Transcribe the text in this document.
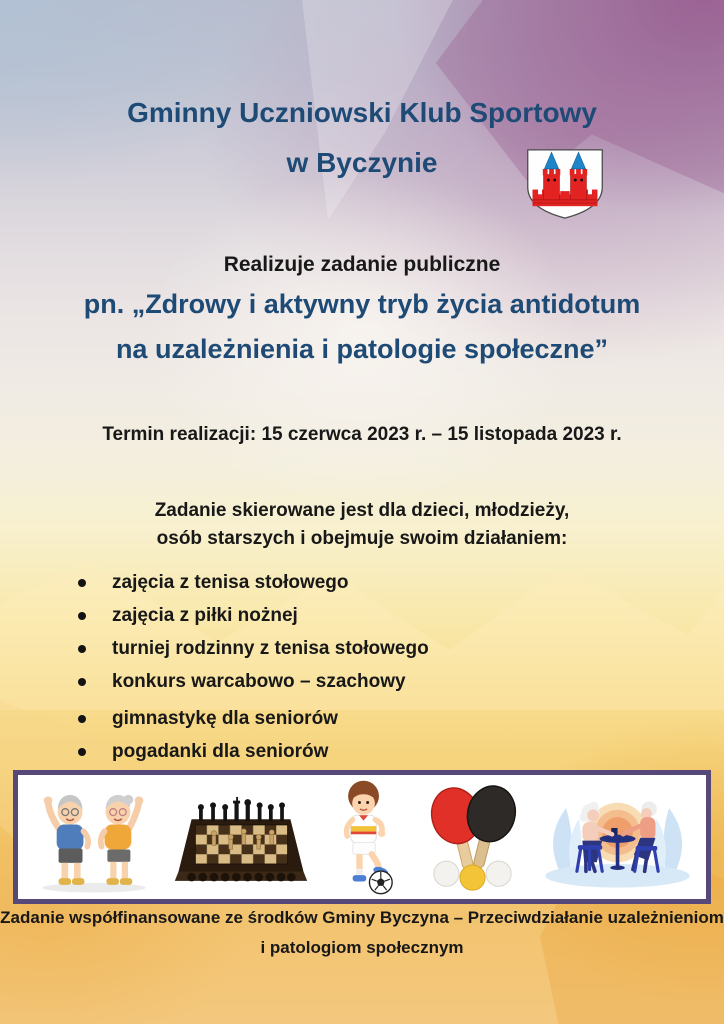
Gminny Uczniowski Klub Sportowy
w Byczynie
Realizuje zadanie publiczne
pn. „Zdrowy i aktywny tryb życia antidotum
na uzależnienia i patologie społeczne”
Termin realizacji: 15 czerwca 2023 r. – 15 listopada 2023 r.
Zadanie skierowane jest dla dzieci, młodzieży,
osób starszych i obejmuje swoim działaniem:
zajęcia z tenisa stołowego
zajęcia z piłki nożnej
turniej rodzinny z tenisa stołowego
konkurs warcabowo – szachowy
gimnastykę dla seniorów
pogadanki dla seniorów
Zadanie współfinansowane ze środków Gminy Byczyna – Przeciwdziałanie uzależnieniom
i patologiom społecznym
